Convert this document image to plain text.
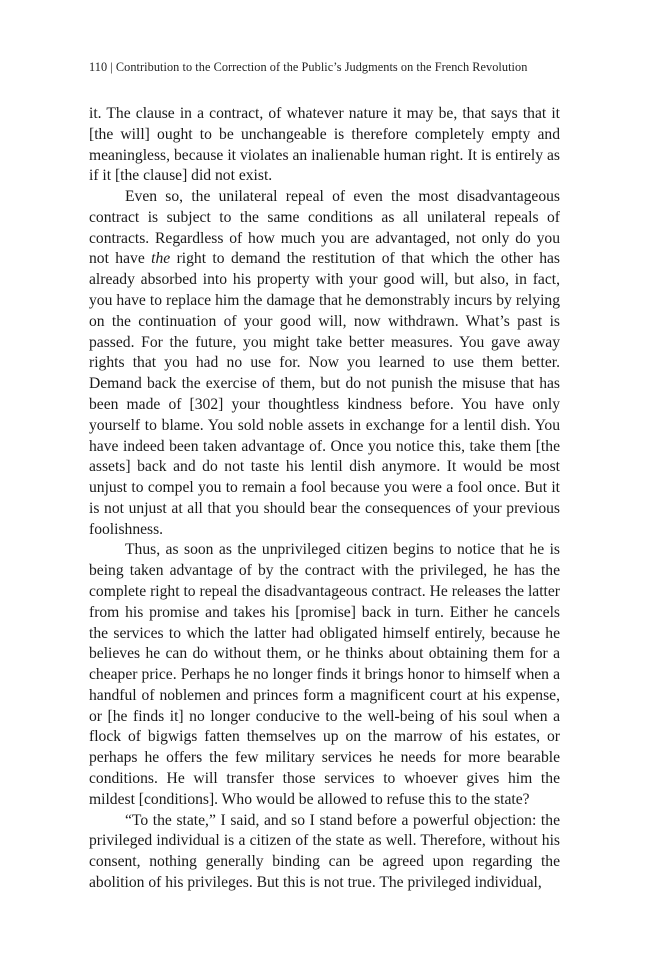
110 | Contribution to the Correction of the Public’s Judgments on the French Revolution

it. The clause in a contract, of whatever nature it may be, that says that it [the will] ought to be unchangeable is therefore completely empty and meaningless, because it violates an inalienable human right. It is entirely as if it [the clause] did not exist.

Even so, the unilateral repeal of even the most disadvantageous contract is subject to the same conditions as all unilateral repeals of contracts. Regardless of how much you are advantaged, not only do you not have the right to demand the restitution of that which the other has already absorbed into his property with your good will, but also, in fact, you have to replace him the damage that he demonstrably incurs by relying on the continuation of your good will, now withdrawn. What’s past is passed. For the future, you might take better measures. You gave away rights that you had no use for. Now you learned to use them better. Demand back the exercise of them, but do not punish the misuse that has been made of [302] your thoughtless kindness before. You have only yourself to blame. You sold noble assets in exchange for a lentil dish. You have indeed been taken advantage of. Once you notice this, take them [the assets] back and do not taste his lentil dish anymore. It would be most unjust to compel you to remain a fool because you were a fool once. But it is not unjust at all that you should bear the consequences of your previous foolishness.

Thus, as soon as the unprivileged citizen begins to notice that he is being taken advantage of by the contract with the privileged, he has the complete right to repeal the disadvantageous contract. He releases the latter from his promise and takes his [promise] back in turn. Either he cancels the services to which the latter had obligated himself entirely, because he believes he can do without them, or he thinks about obtaining them for a cheaper price. Perhaps he no longer finds it brings honor to himself when a handful of noblemen and princes form a magnificent court at his expense, or [he finds it] no longer conducive to the well-being of his soul when a flock of bigwigs fatten themselves up on the marrow of his estates, or perhaps he offers the few military services he needs for more bearable conditions. He will transfer those services to whoever gives him the mildest [conditions]. Who would be allowed to refuse this to the state?

“To the state,” I said, and so I stand before a powerful objection: the privileged individual is a citizen of the state as well. Therefore, without his consent, nothing generally binding can be agreed upon regarding the abolition of his privileges. But this is not true. The privileged individual,
